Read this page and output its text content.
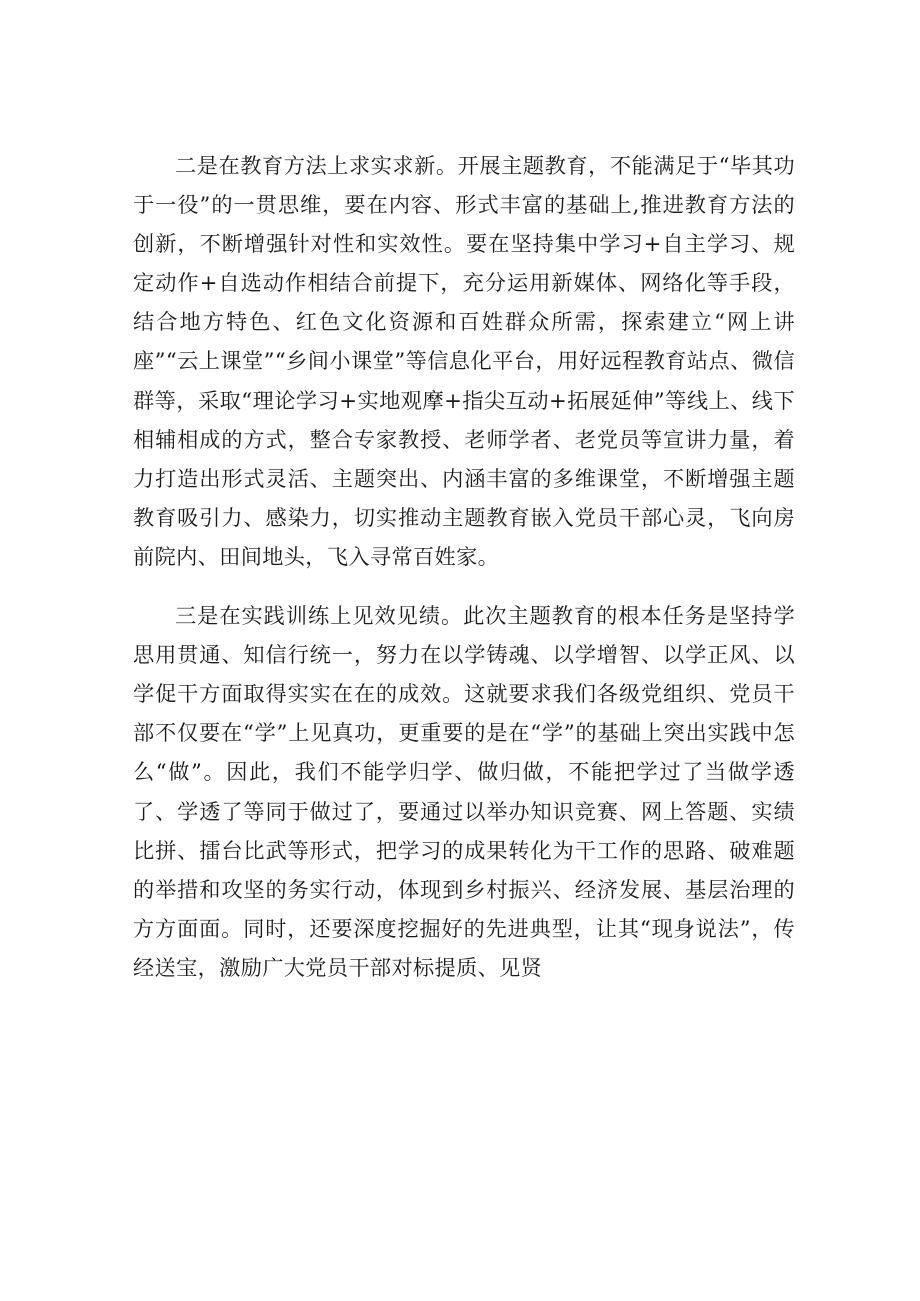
二是在教育方法上求实求新。开展主题教育，不能满足于“毕其功于一役”的一贯思维，要在内容、形式丰富的基础上,推进教育方法的创新，不断增强针对性和实效性。要在坚持集中学习+自主学习、规定动作+自选动作相结合前提下，充分运用新媒体、网络化等手段，结合地方特色、红色文化资源和百姓群众所需，探索建立“网上讲座”“云上课堂”“乡间小课堂”等信息化平台，用好远程教育站点、微信群等，采取“理论学习+实地观摩+指尖互动+拓展延伸”等线上、线下相辅相成的方式，整合专家教授、老师学者、老党员等宣讲力量，着力打造出形式灵活、主题突出、内涵丰富的多维课堂，不断增强主题教育吸引力、感染力，切实推动主题教育嵌入党员干部心灵，飞向房前院内、田间地头，飞入寻常百姓家。

三是在实践训练上见效见绩。此次主题教育的根本任务是坚持学思用贯通、知信行统一，努力在以学铸魂、以学增智、以学正风、以学促干方面取得实实在在的成效。这就要求我们各级党组织、党员干部不仅要在“学”上见真功，更重要的是在“学”的基础上突出实践中怎么“做”。因此，我们不能学归学、做归做，不能把学过了当做学透了、学透了等同于做过了，要通过以举办知识竞赛、网上答题、实绩比拼、擂台比武等形式，把学习的成果转化为干工作的思路、破难题的举措和攻坚的务实行动，体现到乡村振兴、经济发展、基层治理的方方面面。同时，还要深度挖掘好的先进典型，让其“现身说法”，传经送宝，激励广大党员干部对标提质、见贤
